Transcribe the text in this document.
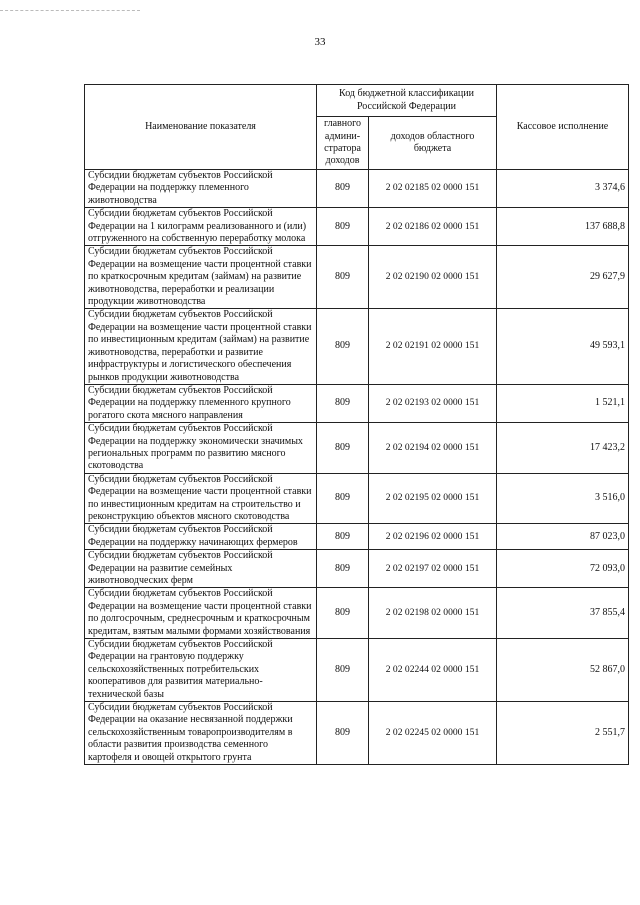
33
Наименование показателя	Код бюджетной классификации Российской Федерации		Кассовое исполнение
	главного админи-стратора доходов	доходов областного бюджета	
Субсидии бюджетам субъектов Российской Федерации на поддержку племенного животноводства	809	2 02 02185 02 0000 151	3 374,6
Субсидии бюджетам субъектов Российской Федерации на 1 килограмм реализованного и (или) отгруженного на собственную переработку молока	809	2 02 02186 02 0000 151	137 688,8
Субсидии бюджетам субъектов Российской Федерации на возмещение части процентной ставки по краткосрочным кредитам (займам) на развитие животноводства, переработки и реализации продукции животноводства	809	2 02 02190 02 0000 151	29 627,9
Субсидии бюджетам субъектов Российской Федерации на возмещение части процентной ставки по инвестиционным кредитам (займам) на развитие животноводства, переработки и развитие инфраструктуры и логистического обеспечения рынков продукции животноводства	809	2 02 02191 02 0000 151	49 593,1
Субсидии бюджетам субъектов Российской Федерации на поддержку племенного крупного рогатого скота мясного направления	809	2 02 02193 02 0000 151	1 521,1
Субсидии бюджетам субъектов Российской Федерации на поддержку экономически значимых региональных программ по развитию мясного скотоводства	809	2 02 02194 02 0000 151	17 423,2
Субсидии бюджетам субъектов Российской Федерации на возмещение части процентной ставки по инвестиционным кредитам на строительство и реконструкцию объектов мясного скотоводства	809	2 02 02195 02 0000 151	3 516,0
Субсидии бюджетам субъектов Российской Федерации на поддержку начинающих фермеров	809	2 02 02196 02 0000 151	87 023,0
Субсидии бюджетам субъектов Российской Федерации на развитие семейных животноводческих ферм	809	2 02 02197 02 0000 151	72 093,0
Субсидии бюджетам субъектов Российской Федерации на возмещение части процентной ставки по долгосрочным, среднесрочным и краткосрочным кредитам, взятым малыми формами хозяйствования	809	2 02 02198 02 0000 151	37 855,4
Субсидии бюджетам субъектов Российской Федерации на грантовую поддержку сельскохозяйственных потребительских кооперативов для развития материально-технической базы	809	2 02 02244 02 0000 151	52 867,0
Субсидии бюджетам субъектов Российской Федерации на оказание несвязанной поддержки сельскохозяйственным товаропроизводителям в области развития производства семенного картофеля и овощей открытого грунта	809	2 02 02245 02 0000 151	2 551,7
